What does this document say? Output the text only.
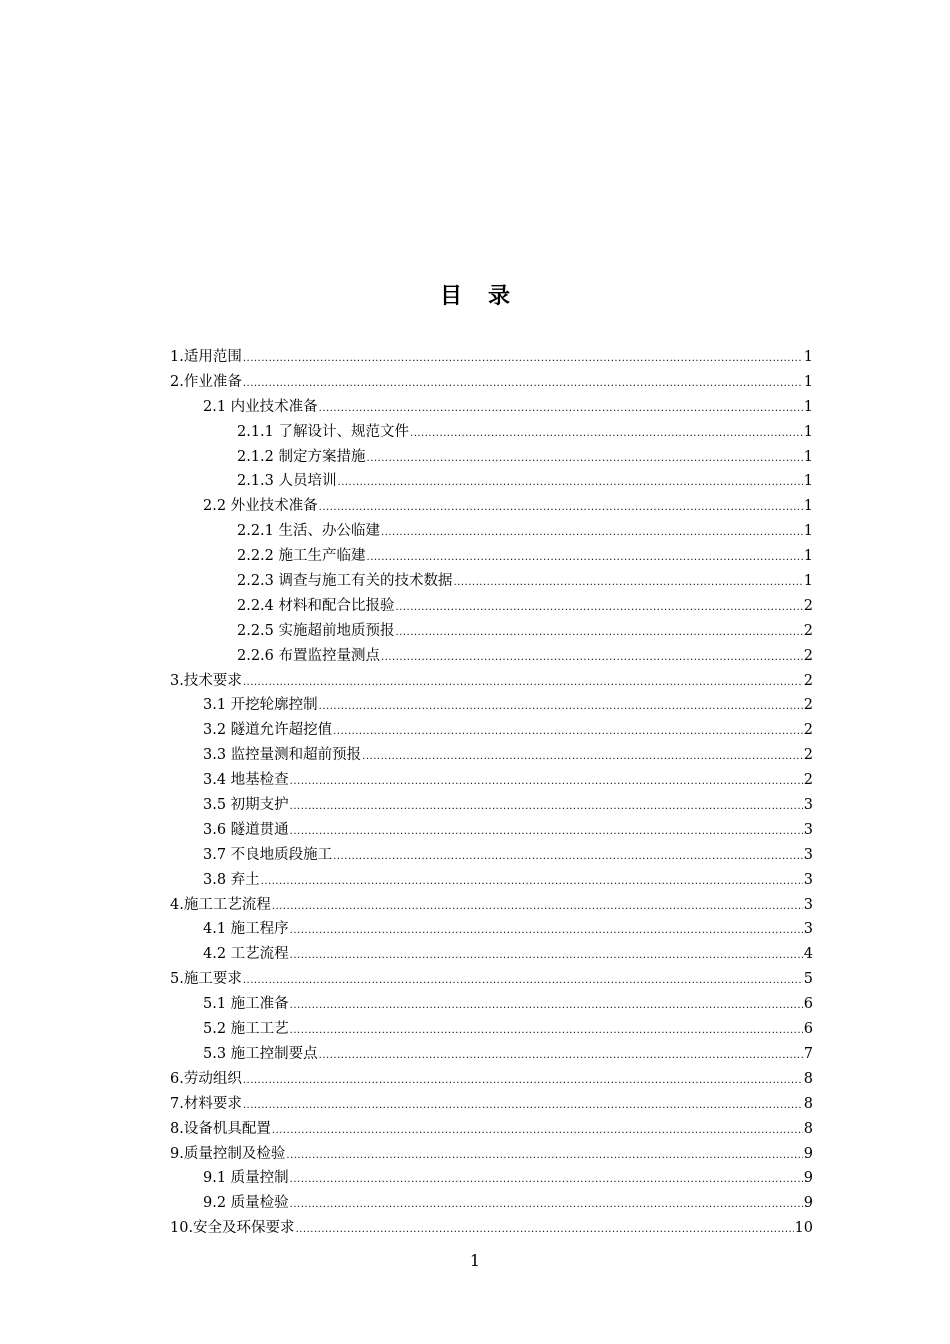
目录
1.适用范围 .....	1
2.作业准备 .....	1
2.1 内业技术准备 .....	1
2.1.1 了解设计、规范文件 .....	1
2.1.2 制定方案措施 .....	1
2.1.3 人员培训 .....	1
2.2 外业技术准备 .....	1
2.2.1 生活、办公临建 .....	1
2.2.2 施工生产临建 .....	1
2.2.3 调查与施工有关的技术数据 .....	1
2.2.4 材料和配合比报验 .....	2
2.2.5 实施超前地质预报 .....	2
2.2.6 布置监控量测点 .....	2
3.技术要求 .....	2
3.1 开挖轮廓控制 .....	2
3.2 隧道允许超挖值 .....	2
3.3 监控量测和超前预报 .....	2
3.4 地基检查 .....	2
3.5 初期支护 .....	3
3.6 隧道贯通 .....	3
3.7 不良地质段施工 .....	3
3.8 弃土 .....	3
4.施工工艺流程 .....	3
4.1 施工程序 .....	3
4.2 工艺流程 .....	4
5.施工要求 .....	5
5.1 施工准备 .....	6
5.2 施工工艺 .....	6
5.3 施工控制要点 .....	7
6.劳动组织 .....	8
7.材料要求 .....	8
8.设备机具配置 .....	8
9.质量控制及检验 .....	9
9.1 质量控制 .....	9
9.2 质量检验 .....	9
10.安全及环保要求 .....	10
1
